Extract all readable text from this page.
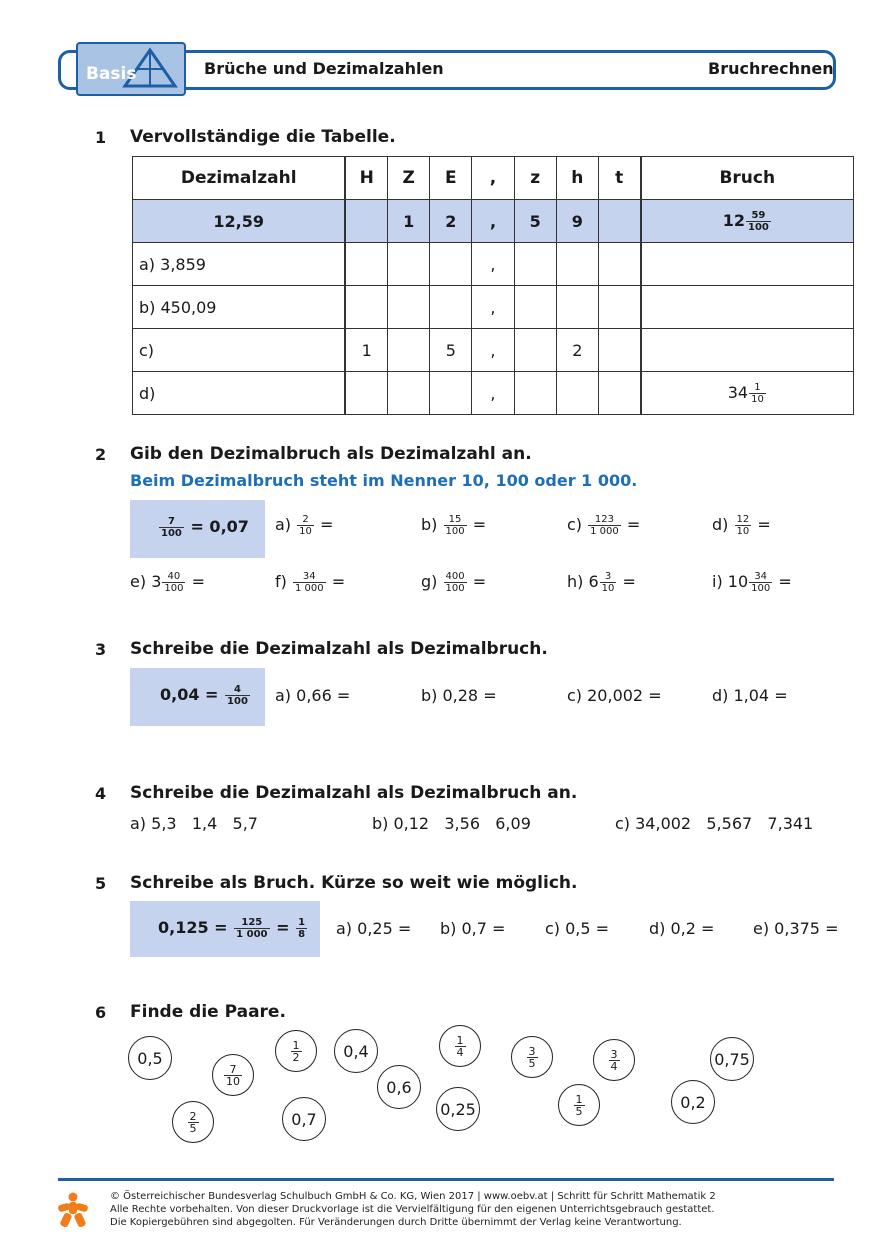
Basis	Brüche und Dezimalzahlen	Bruchrechnen
1 Vervollständige die Tabelle.
Dezimalzahl	H	Z	E	,	z	h	t	Bruch
12,59		1	2	,	5	9		$12 \frac{59}{100}$

a) 3,859				,				
b) 450,09				,				
c)	1		5	,		2		
d)				,				$34 \frac{1}{10}$
2 Gib den Dezimalbruch als Dezimalzahl an.
Beim Dezimalbruch steht im Nenner 10, 100 oder 1 000.
$\frac{7}{100} = 0,07$ $a) \frac{2}{10}$ =	$b) \frac{15}{100}$ =	$c) \frac{123}{1 000}$ =	$d) \frac{12}{10}$ =
e) $3 \frac{40}{100}$ =	$f) \frac{34}{1 000}$ =	$g) \frac{400}{100}$ =	h) $6 \frac{3}{10}$ =	i) $10 \frac{34}{100}$ =
3 Schreibe die Dezimalzahl als Dezimalbruch.
$0,04 = \frac{4}{100} a$) 0,66 =	b) 0,28 =	c) 20,002 =	d) 1,04 =
4 Schreibe die Dezimalzahl als Dezimalbruch an.
a) 5,3   1,4   5,7	b) 0,12   3,56   6,09	c) 34,002   5,567   7,341
5 Schreibe als Bruch. Kürze so weit wie möglich.
$0,125 = \frac{125}{1 000} = \frac{1}{8} a$) 0,25 = b) 0,7 = c) 0,5 = d) 0,2 = e) 0,375 =
6 Finde die Paare.
0,5
$\frac{7}{10}$
$\frac{1}{2}$	0,4
$\frac{2}{5}$	0,7
0,6
$\frac{1}{4}$
0,25
$\frac{3}{5}$
$\frac{1}{5}$
$\frac{3}{4}$	0,75
0,2
© Österreichischer Bundesverlag Schulbuch GmbH & Co. KG, Wien 2017 | www.oebv.at | Schritt für Schritt Mathematik 2
Alle Rechte vorbehalten. Von dieser Druckvorlage ist die Vervielfältigung für den eigenen Unterrichtsgebrauch gestattet.
Die Kopiergebühren sind abgegolten. Für Veränderungen durch Dritte übernimmt der Verlag keine Verantwortung.
